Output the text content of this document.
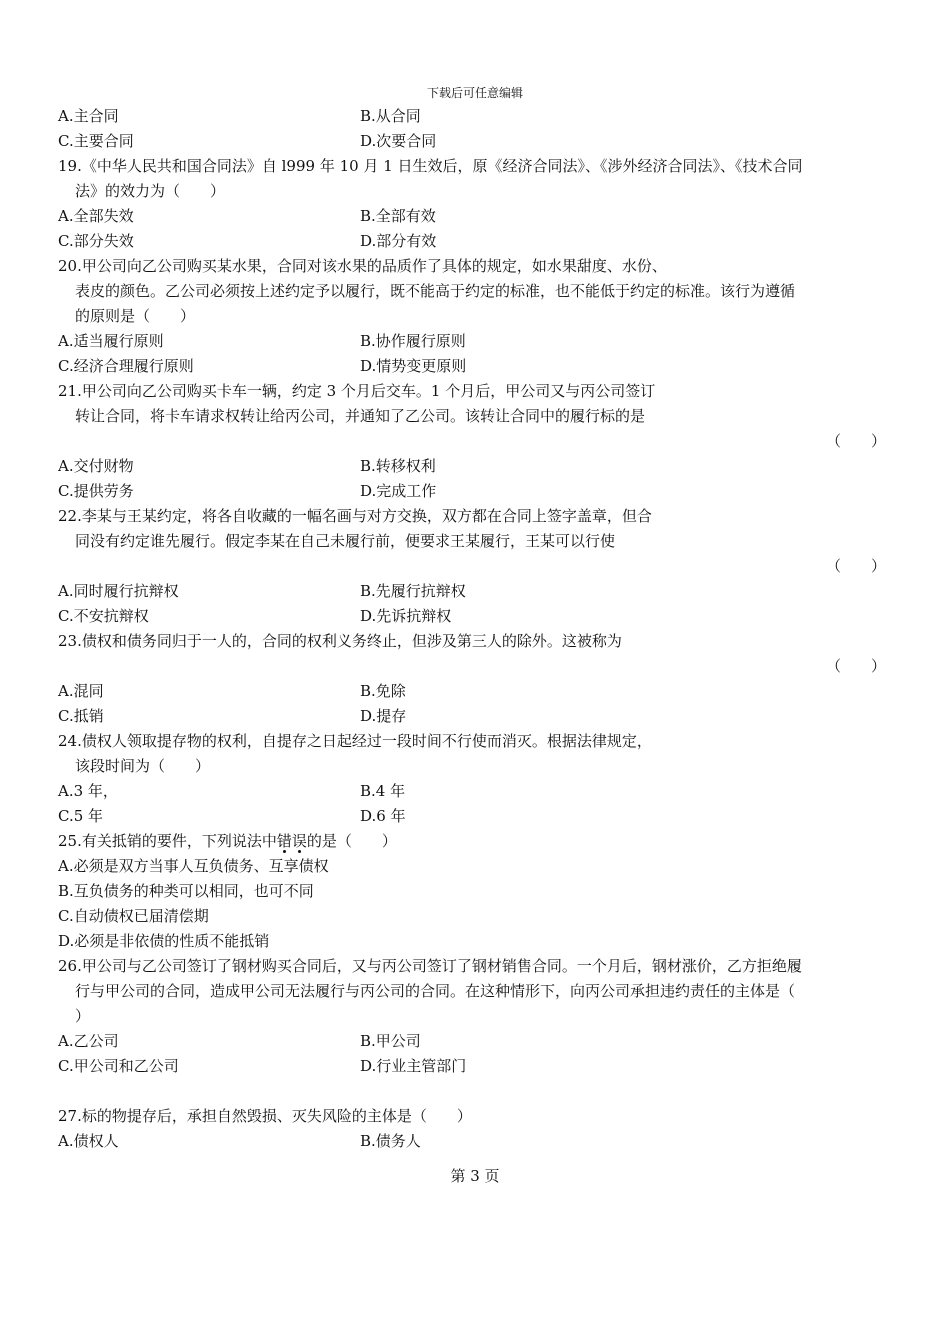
下载后可任意编辑
A.主合同	B.从合同
C.主要合同	D.次要合同
19.《中华人民共和国合同法》自 l999 年 10 月 1 日生效后，原《经济合同法》、《涉外经济合同法》、《技术合同
法》的效力为（　　）
A.全部失效	B.全部有效
C.部分失效	D.部分有效
20.甲公司向乙公司购买某水果，合同对该水果的品质作了具体的规定，如水果甜度、水份、
表皮的颜色。乙公司必须按上述约定予以履行，既不能高于约定的标准，也不能低于约定的标准。该行为遵循
的原则是（　　）
A.适当履行原则	B.协作履行原则
C.经济合理履行原则	D.情势变更原则
21.甲公司向乙公司购买卡车一辆，约定 3 个月后交车。1 个月后，甲公司又与丙公司签订
转让合同，将卡车请求权转让给丙公司，并通知了乙公司。该转让合同中的履行标的是
（　　）
A.交付财物	B.转移权利
C.提供劳务	D.完成工作
22.李某与王某约定，将各自收藏的一幅名画与对方交换，双方都在合同上签字盖章，但合
同没有约定谁先履行。假定李某在自己未履行前，便要求王某履行，王某可以行使
（　　）
A.同时履行抗辩权	B.先履行抗辩权
C.不安抗辩权	D.先诉抗辩权
23.债权和债务同归于一人的，合同的权利义务终止，但涉及第三人的除外。这被称为
（　　）
A.混同	B.免除
C.抵销	D.提存
24.债权人领取提存物的权利，自提存之日起经过一段时间不行使而消灭。根据法律规定，
该段时间为（　　）
A.3 年，	B.4 年
C.5 年	D.6 年
25.有关抵销的要件，下列说法中错误的是（　　）
A.必须是双方当事人互负债务、互享债权
B.互负债务的种类可以相同，也可不同
C.自动债权已届清偿期
D.必须是非依债的性质不能抵销
26.甲公司与乙公司签订了钢材购买合同后，又与丙公司签订了钢材销售合同。一个月后，钢材涨价，乙方拒绝履
行与甲公司的合同，造成甲公司无法履行与丙公司的合同。在这种情形下，向丙公司承担违约责任的主体是（
）
A.乙公司	B.甲公司
C.甲公司和乙公司	D.行业主管部门
27.标的物提存后，承担自然毁损、灭失风险的主体是（　　）
A.债权人	B.债务人
第 3 页
